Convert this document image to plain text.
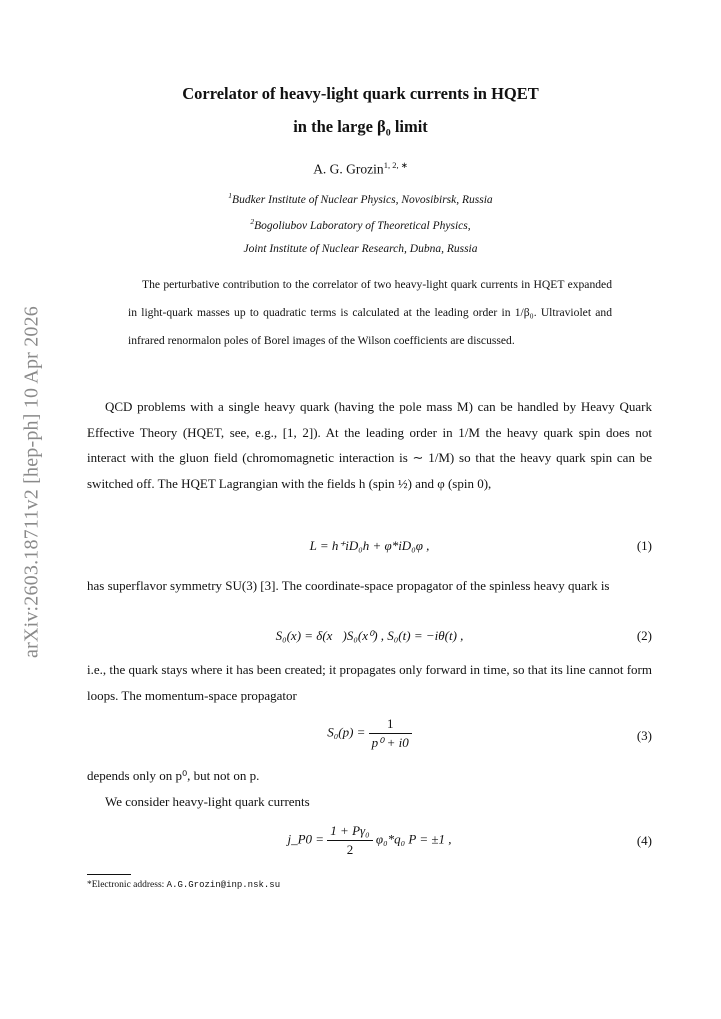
arXiv:2603.18711v2 [hep-ph] 10 Apr 2026
Correlator of heavy-light quark currents in HQET
in the large β₀ limit
A. G. Grozin$^{1, 2, ∗}$
$^1$Budker Institute of Nuclear Physics, Novosibirsk, Russia
$^2$Bogoliubov Laboratory of Theoretical Physics,
Joint Institute of Nuclear Research, Dubna, Russia
The perturbative contribution to the correlator of two heavy-light quark currents in HQET expanded in light-quark masses up to quadratic terms is calculated at the leading order in 1/β₀. Ultraviolet and infrared renormalon poles of Borel images of the Wilson coefficients are discussed.
QCD problems with a single heavy quark (having the pole mass M) can be handled by Heavy Quark Effective Theory (HQET, see, e.g., [1, 2]). At the leading order in 1/M the heavy quark spin does not interact with the gluon field (chromomagnetic interaction is ∼ 1/M) so that the heavy quark spin can be switched off. The HQET Lagrangian with the fields h (spin ½) and φ (spin 0),
L = h⁺iD₀h + φ*iD₀φ ,	(1)
has superflavor symmetry SU(3) [3]. The coordinate-space propagator of the spinless heavy quark is
S₀(x) = δ(x⃗)S₀(x⁰) , S₀(t) = −iθ(t) ,	(2)
i.e., the quark stays where it has been created; it propagates only forward in time, so that its line cannot form loops. The momentum-space propagator
$S_0(p) = \frac{1}{\text{p⁰ + i0}}$	(3)
depends only on p⁰, but not on p.
We consider heavy-light quark currents
j_P0 = $\frac{\text{1 + Pγ₀}}{2} \varphi_0*q_0$ P = ±1 ,	(4)
*Electronic address: A.G.Grozin@inp.nsk.su
